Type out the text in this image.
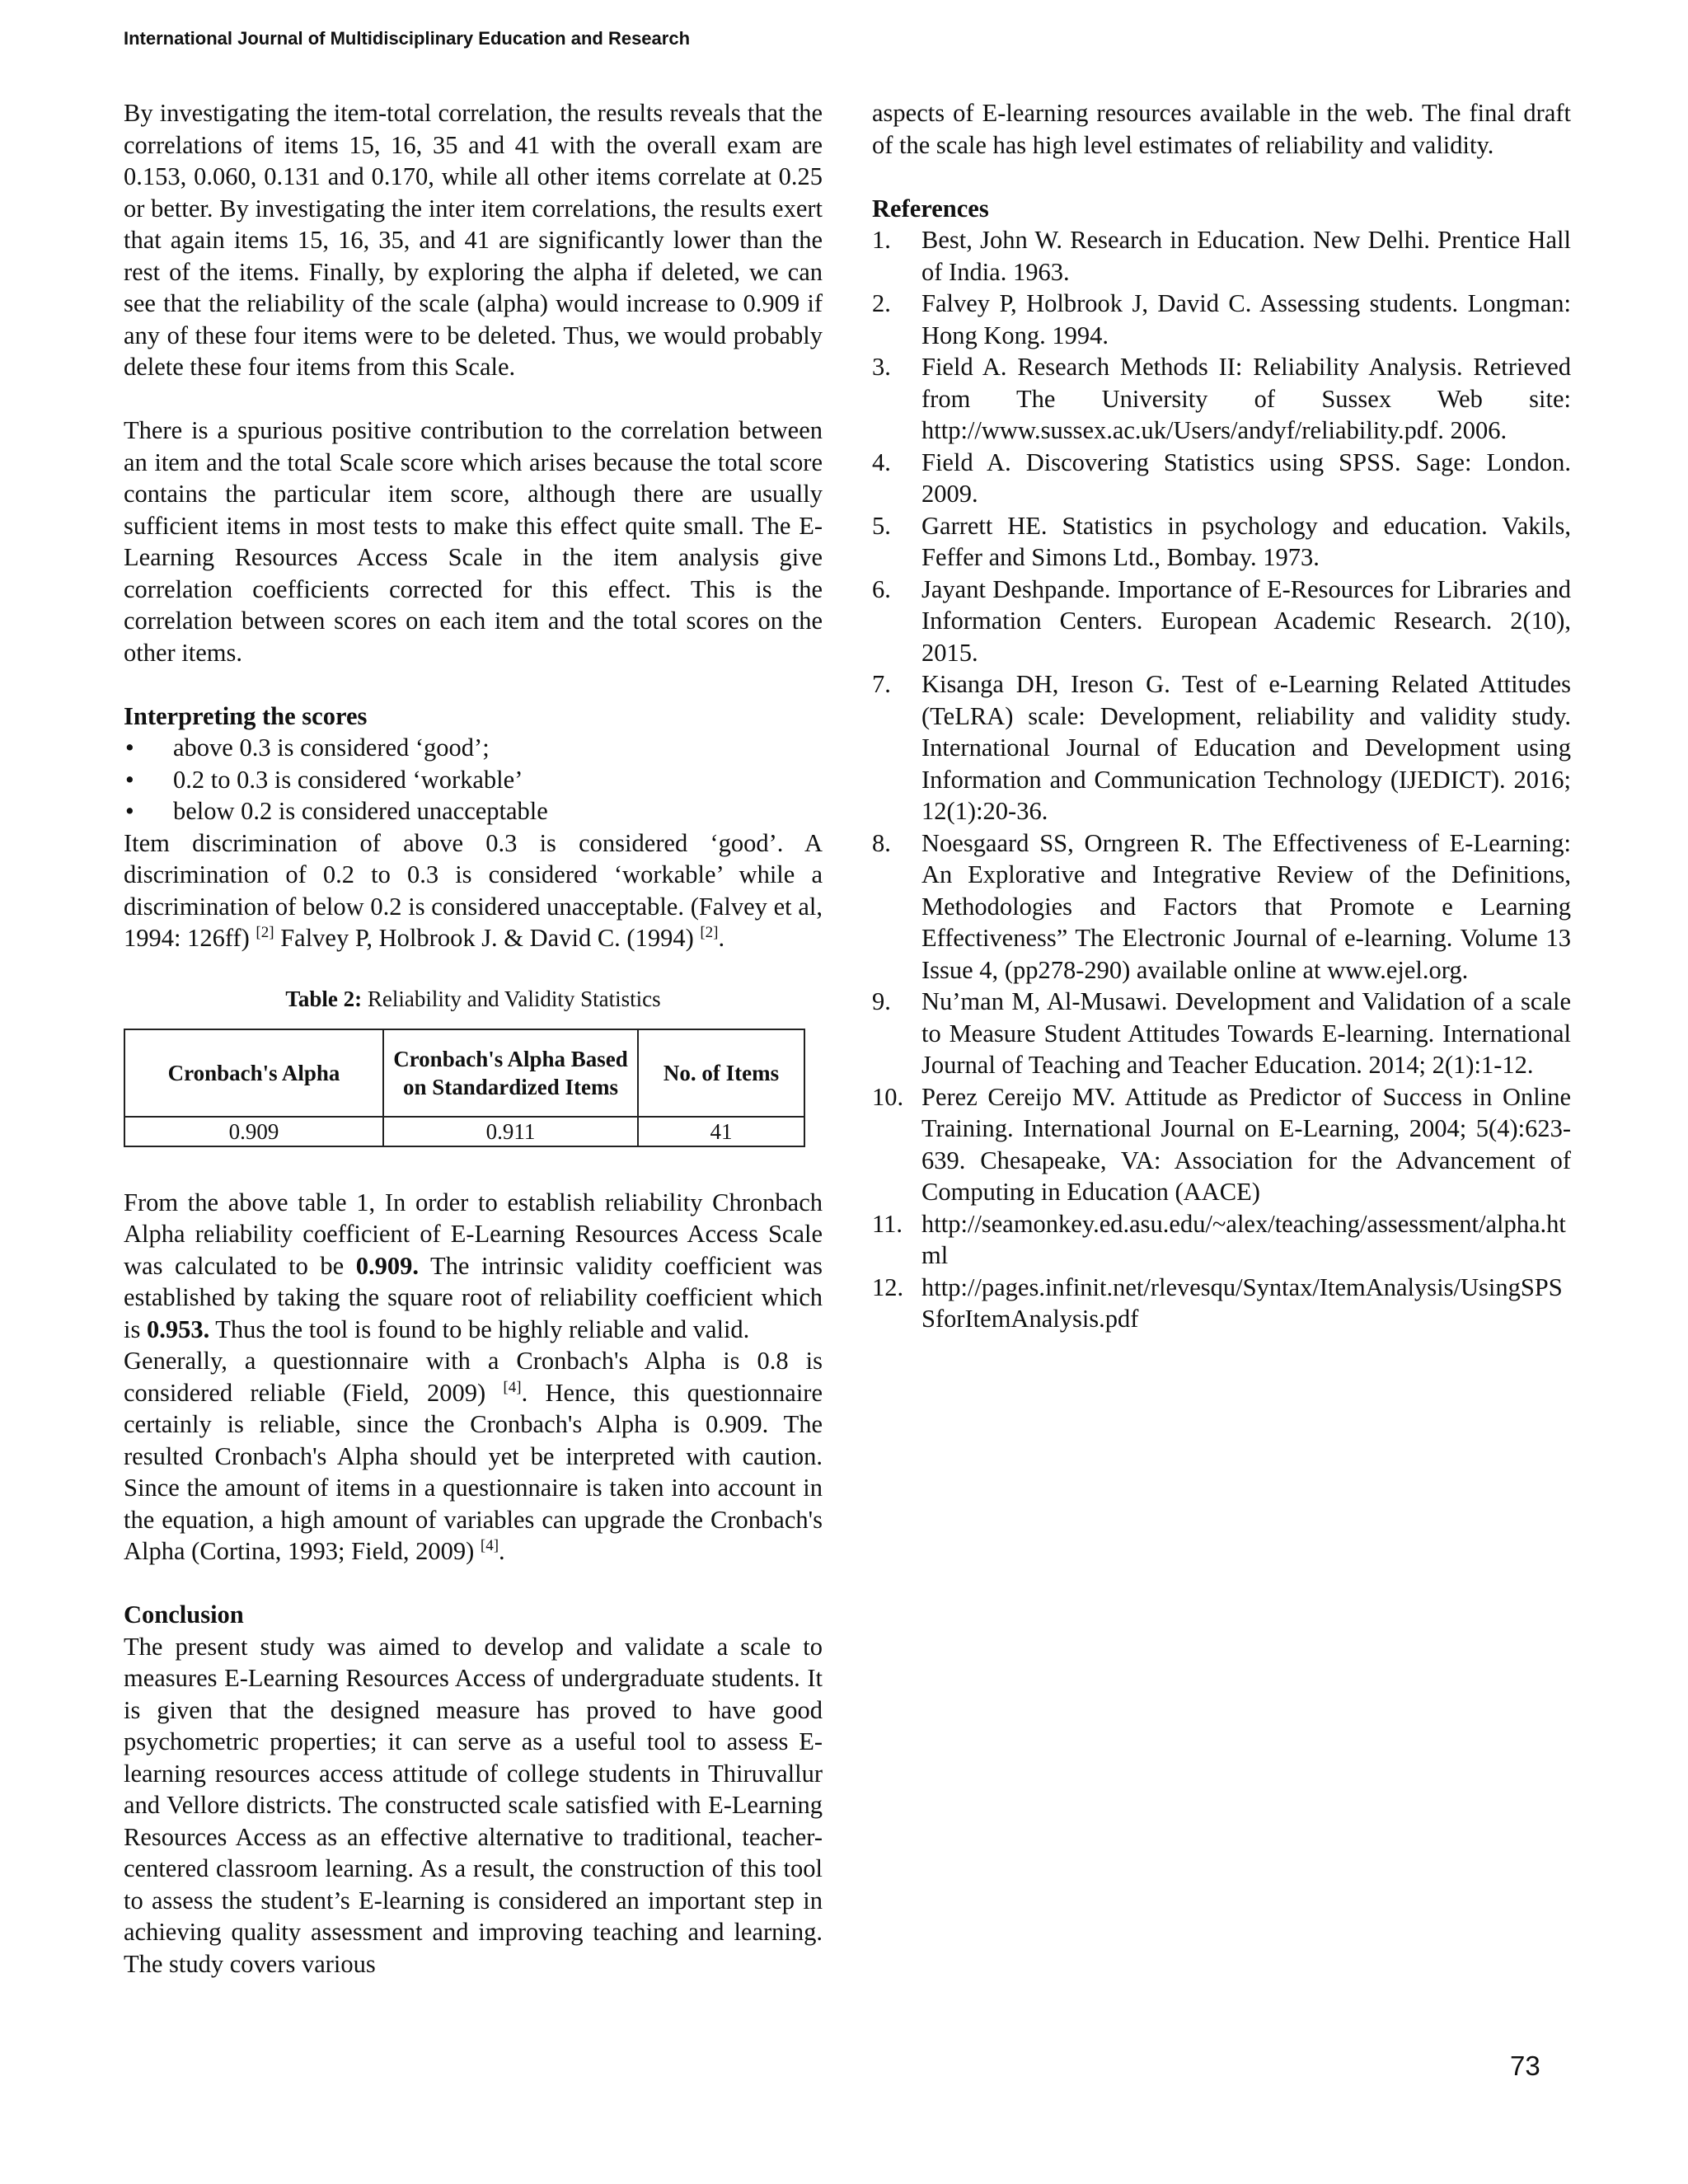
International Journal of Multidisciplinary Education and Research

By investigating the item-total correlation, the results reveals that the correlations of items 15, 16, 35 and 41 with the overall exam are 0.153, 0.060, 0.131 and 0.170, while all other items correlate at 0.25 or better. By investigating the inter item correlations, the results exert that again items 15, 16, 35, and 41 are significantly lower than the rest of the items. Finally, by exploring the alpha if deleted, we can see that the reliability of the scale (alpha) would increase to 0.909 if any of these four items were to be deleted. Thus, we would probably delete these four items from this Scale.

There is a spurious positive contribution to the correlation between an item and the total Scale score which arises because the total score contains the particular item score, although there are usually sufficient items in most tests to make this effect quite small. The E-Learning Resources Access Scale in the item analysis give correlation coefficients corrected for this effect. This is the correlation between scores on each item and the total scores on the other items.

Interpreting the scores
• above 0.3 is considered ‘good’;
• 0.2 to 0.3 is considered ‘workable’
• below 0.2 is considered unacceptable

Item discrimination of above 0.3 is considered ‘good’. A discrimination of 0.2 to 0.3 is considered ‘workable’ while a discrimination of below 0.2 is considered unacceptable. (Falvey et al, 1994: 126ff) [2] Falvey P, Holbrook J. & David C. (1994) [2].

Table 2: Reliability and Validity Statistics
Cronbach's Alpha	Cronbach's Alpha Based on Standardized Items	No. of Items
0.909	0.911	41

From the above table 1, In order to establish reliability Chronbach Alpha reliability coefficient of E-Learning Resources Access Scale was calculated to be 0.909. The intrinsic validity coefficient was established by taking the square root of reliability coefficient which is 0.953. Thus the tool is found to be highly reliable and valid.

Generally, a questionnaire with a Cronbach's Alpha is 0.8 is considered reliable (Field, 2009) [4]. Hence, this questionnaire certainly is reliable, since the Cronbach's Alpha is 0.909. The resulted Cronbach's Alpha should yet be interpreted with caution. Since the amount of items in a questionnaire is taken into account in the equation, a high amount of variables can upgrade the Cronbach's Alpha (Cortina, 1993; Field, 2009) [4].

Conclusion

The present study was aimed to develop and validate a scale to measures E-Learning Resources Access of undergraduate students. It is given that the designed measure has proved to have good psychometric properties; it can serve as a useful tool to assess E-learning resources access attitude of college students in Thiruvallur and Vellore districts. The constructed scale satisfied with E-Learning Resources Access as an effective alternative to traditional, teacher-centered classroom learning. As a result, the construction of this tool to assess the student’s E-learning is considered an important step in achieving quality assessment and improving teaching and learning. The study covers various

aspects of E-learning resources available in the web. The final draft of the scale has high level estimates of reliability and validity.

References
1. Best, John W. Research in Education. New Delhi. Prentice Hall of India. 1963.
2. Falvey P, Holbrook J, David C. Assessing students. Longman: Hong Kong. 1994.
3. Field A. Research Methods II: Reliability Analysis. Retrieved from The University of Sussex Web site: http://www.sussex.ac.uk/Users/andyf/reliability.pdf. 2006.
4. Field A. Discovering Statistics using SPSS. Sage: London. 2009.
5. Garrett HE. Statistics in psychology and education. Vakils, Feffer and Simons Ltd., Bombay. 1973.
6. Jayant Deshpande. Importance of E-Resources for Libraries and Information Centers. European Academic Research. 2(10), 2015.
7. Kisanga DH, Ireson G. Test of e-Learning Related Attitudes (TeLRA) scale: Development, reliability and validity study. International Journal of Education and Development using Information and Communication Technology (IJEDICT). 2016; 12(1):20-36.
8. Noesgaard SS, Orngreen R. The Effectiveness of E-Learning: An Explorative and Integrative Review of the Definitions, Methodologies and Factors that Promote e Learning Effectiveness” The Electronic Journal of e-learning. Volume 13 Issue 4, (pp278-290) available online at www.ejel.org.
9. Nu’man M, Al-Musawi. Development and Validation of a scale to Measure Student Attitudes Towards E-learning. International Journal of Teaching and Teacher Education. 2014; 2(1):1-12.
10. Perez Cereijo MV. Attitude as Predictor of Success in Online Training. International Journal on E-Learning, 2004; 5(4):623-639. Chesapeake, VA: Association for the Advancement of Computing in Education (AACE)
11. http://seamonkey.ed.asu.edu/~alex/teaching/assessment/alpha.html
12. http://pages.infinit.net/rlevesqu/Syntax/ItemAnalysis/UsingSPSSforItemAnalysis.pdf
73
